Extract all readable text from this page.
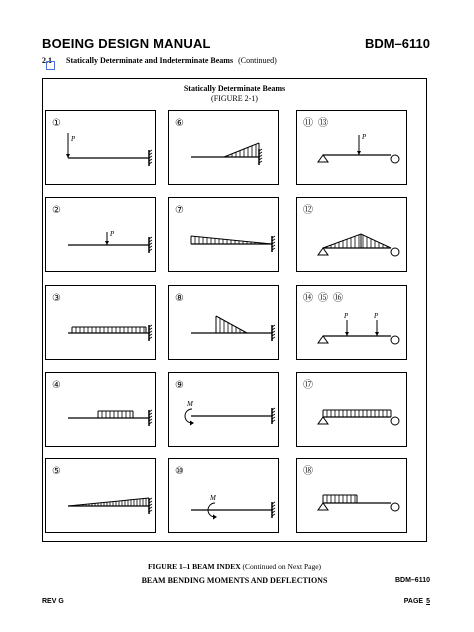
BOEING DESIGN MANUAL	BDM–6110
2.1 Statically Determinate and Indeterminate Beams (Continued)
Statically Determinate Beams
(FIGURE 2-1)
①
P
⑥	⑪ ⑬
P
②
P
⑦	⑫
③	⑧	⑭ ⑮ ⑯
P	P
④	⑨
M
⑰
⑤	⑩
M
⑱
FIGURE 1–1 BEAM INDEX (Continued on Next Page)
BEAM BENDING MOMENTS AND DEFLECTIONS	BDM–6110
REV G	PAGE 5
